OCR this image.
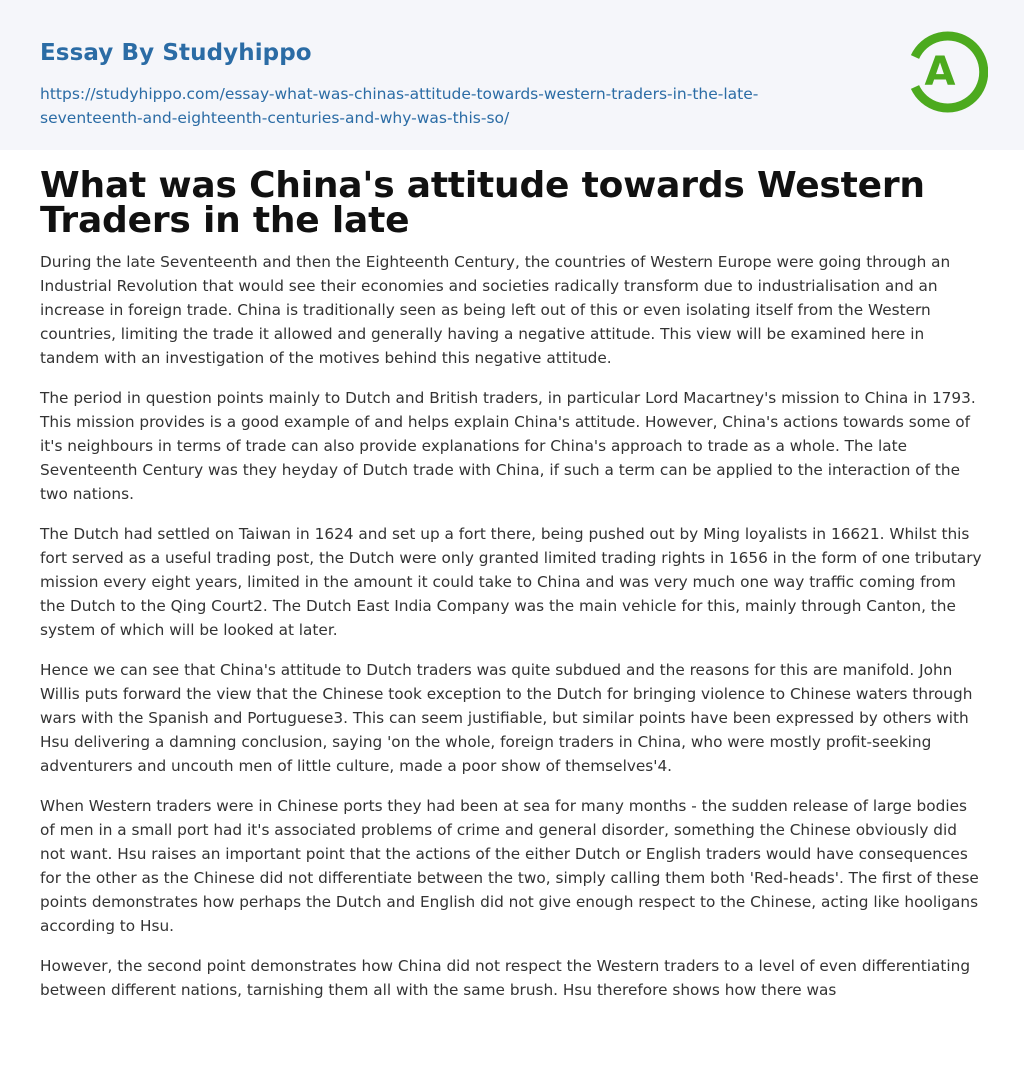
Essay By Studyhippo
https://studyhippo.com/essay-what-was-chinas-attitude-towards-western-traders-in-the-late-seventeenth-and-eighteenth-centuries-and-why-was-this-so/
A
What was China's attitude towards Western Traders in the late

During the late Seventeenth and then the Eighteenth Century, the countries of Western Europe were going through an Industrial Revolution that would see their economies and societies radically transform due to industrialisation and an increase in foreign trade. China is traditionally seen as being left out of this or even isolating itself from the Western countries, limiting the trade it allowed and generally having a negative attitude. This view will be examined here in tandem with an investigation of the motives behind this negative attitude.

The period in question points mainly to Dutch and British traders, in particular Lord Macartney's mission to China in 1793. This mission provides is a good example of and helps explain China's attitude. However, China's actions towards some of it's neighbours in terms of trade can also provide explanations for China's approach to trade as a whole. The late Seventeenth Century was they heyday of Dutch trade with China, if such a term can be applied to the interaction of the two nations.

The Dutch had settled on Taiwan in 1624 and set up a fort there, being pushed out by Ming loyalists in 16621. Whilst this fort served as a useful trading post, the Dutch were only granted limited trading rights in 1656 in the form of one tributary mission every eight years, limited in the amount it could take to China and was very much one way traffic coming from the Dutch to the Qing Court2. The Dutch East India Company was the main vehicle for this, mainly through Canton, the system of which will be looked at later.

Hence we can see that China's attitude to Dutch traders was quite subdued and the reasons for this are manifold. John Willis puts forward the view that the Chinese took exception to the Dutch for bringing violence to Chinese waters through wars with the Spanish and Portuguese3. This can seem justifiable, but similar points have been expressed by others with Hsu delivering a damning conclusion, saying 'on the whole, foreign traders in China, who were mostly profit-seeking adventurers and uncouth men of little culture, made a poor show of themselves'4.

When Western traders were in Chinese ports they had been at sea for many months - the sudden release of large bodies of men in a small port had it's associated problems of crime and general disorder, something the Chinese obviously did not want. Hsu raises an important point that the actions of the either Dutch or English traders would have consequences for the other as the Chinese did not differentiate between the two, simply calling them both 'Red-heads'. The first of these points demonstrates how perhaps the Dutch and English did not give enough respect to the Chinese, acting like hooligans according to Hsu.

However, the second point demonstrates how China did not respect the Western traders to a level of even differentiating between different nations, tarnishing them all with the same brush. Hsu therefore shows how there was
